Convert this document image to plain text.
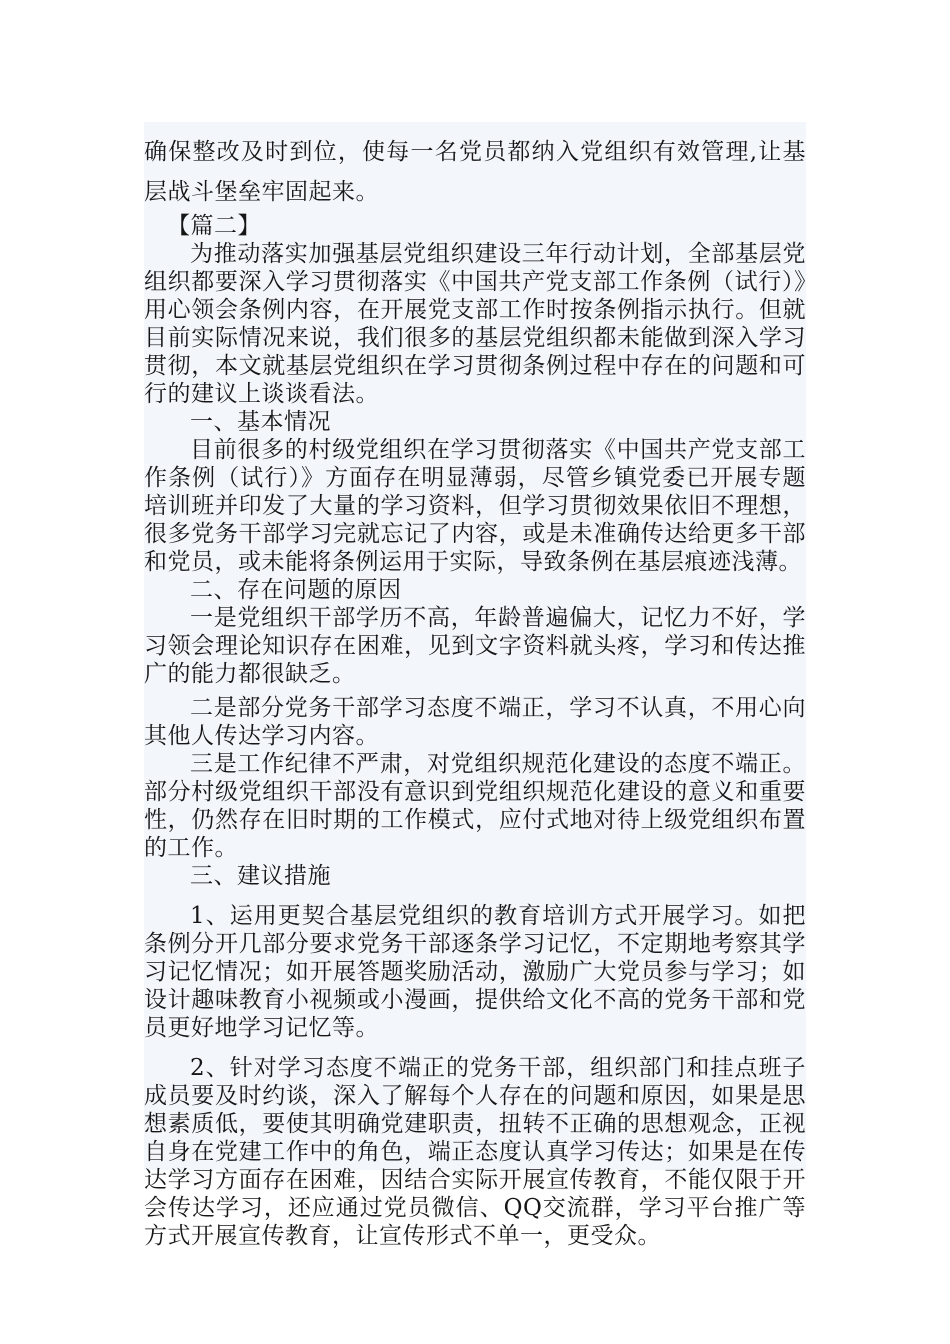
确保整改及时到位，使每一名党员都纳入党组织有效管理,让基层战斗堡垒牢固起来。

【篇二】

为推动落实加强基层党组织建设三年行动计划，全部基层党组织都要深入学习贯彻落实《中国共产党支部工作条例（试行）》用心领会条例内容，在开展党支部工作时按条例指示执行。但就目前实际情况来说，我们很多的基层党组织都未能做到深入学习贯彻，本文就基层党组织在学习贯彻条例过程中存在的问题和可行的建议上谈谈看法。

一、基本情况

目前很多的村级党组织在学习贯彻落实《中国共产党支部工作条例（试行）》方面存在明显薄弱，尽管乡镇党委已开展专题培训班并印发了大量的学习资料，但学习贯彻效果依旧不理想，很多党务干部学习完就忘记了内容，或是未准确传达给更多干部和党员，或未能将条例运用于实际，导致条例在基层痕迹浅薄。

二、存在问题的原因

一是党组织干部学历不高，年龄普遍偏大，记忆力不好，学习领会理论知识存在困难，见到文字资料就头疼，学习和传达推广的能力都很缺乏。

二是部分党务干部学习态度不端正，学习不认真，不用心向其他人传达学习内容。

三是工作纪律不严肃，对党组织规范化建设的态度不端正。部分村级党组织干部没有意识到党组织规范化建设的意义和重要性，仍然存在旧时期的工作模式，应付式地对待上级党组织布置的工作。

三、建议措施

1、运用更契合基层党组织的教育培训方式开展学习。如把条例分开几部分要求党务干部逐条学习记忆，不定期地考察其学习记忆情况；如开展答题奖励活动，激励广大党员参与学习；如设计趣味教育小视频或小漫画，提供给文化不高的党务干部和党员更好地学习记忆等。

2、针对学习态度不端正的党务干部，组织部门和挂点班子成员要及时约谈，深入了解每个人存在的问题和原因，如果是思想素质低，要使其明确党建职责，扭转不正确的思想观念，正视自身在党建工作中的角色，端正态度认真学习传达；如果是在传达学习方面存在困难，因结合实际开展宣传教育，不能仅限于开会传达学习，还应通过党员微信、QQ交流群，学习平台推广等方式开展宣传教育，让宣传形式不单一，更受众。
